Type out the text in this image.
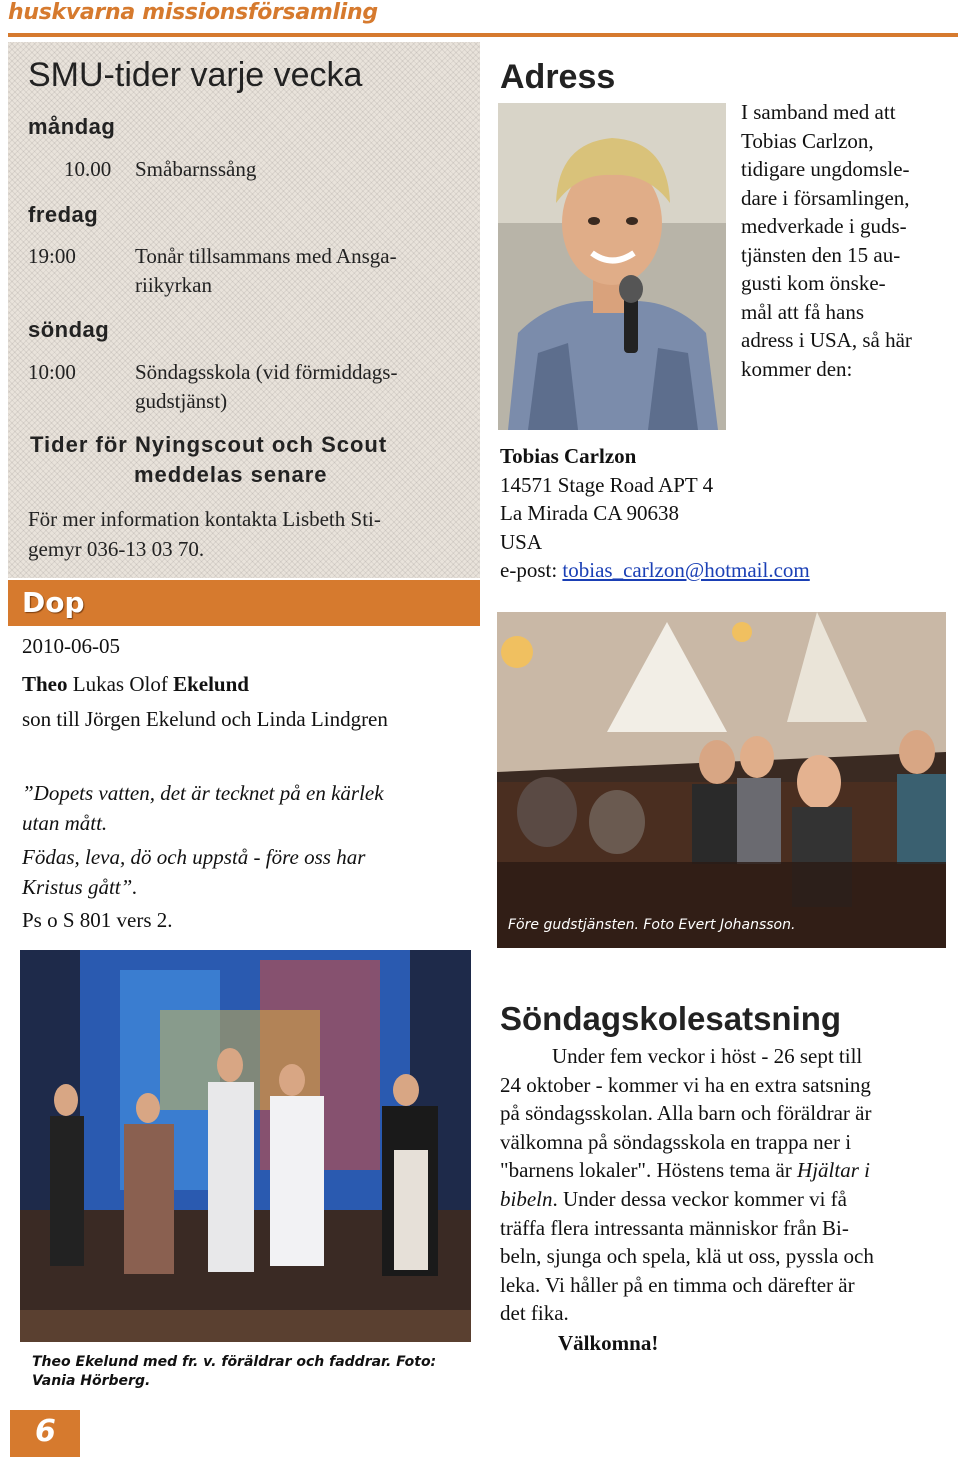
huskvarna missionsförsamling
SMU-tider varje vecka
måndag
10.00 Småbarnssång
fredag
19:00	Tonår tillsammans med Ansga-
riikyrkan
söndag
10:00	Söndagsskola (vid förmiddags-
gudstjänst)
Tider för Nyingscout och Scout
meddelas senare
För mer information kontakta Lisbeth Sti-
gemyr 036-13 03 70.
Dop
2010-06-05
Theo Lukas Olof Ekelund
son till Jörgen Ekelund och Linda Lindgren
”Dopets vatten, det är tecknet på en kärlek
utan mått.
Födas, leva, dö och uppstå - före oss har
Kristus gått”.
Ps o S 801 vers 2.
Adress
I samband med att
Tobias Carlzon,
tidigare ungdomsle-
dare i församlingen,
medverkade i guds-
tjänsten den 15 au-
gusti kom önske-
mål att få hans
adress i USA, så här
kommer den:
Tobias Carlzon
14571 Stage Road APT 4
La Mirada CA 90638
USA
e-post: tobias_carlzon@hotmail.com
Före gudstjänsten. Foto Evert Johansson.
Theo Ekelund med fr. v. föräldrar och faddrar. Foto:
Vania Hörberg.
Söndagskolesatsning
Under fem veckor i höst - 26 sept till
24 oktober - kommer vi ha en extra satsning
på söndagsskolan. Alla barn och föräldrar är
välkomna på söndagsskola en trappa ner i
"barnens lokaler". Höstens tema är Hjältar i
bibeln. Under dessa veckor kommer vi få
träffa flera intressanta människor från Bi-
beln, sjunga och spela, klä ut oss, pyssla och
leka. Vi håller på en timma och därefter är
det fika.
Välkomna!
6
